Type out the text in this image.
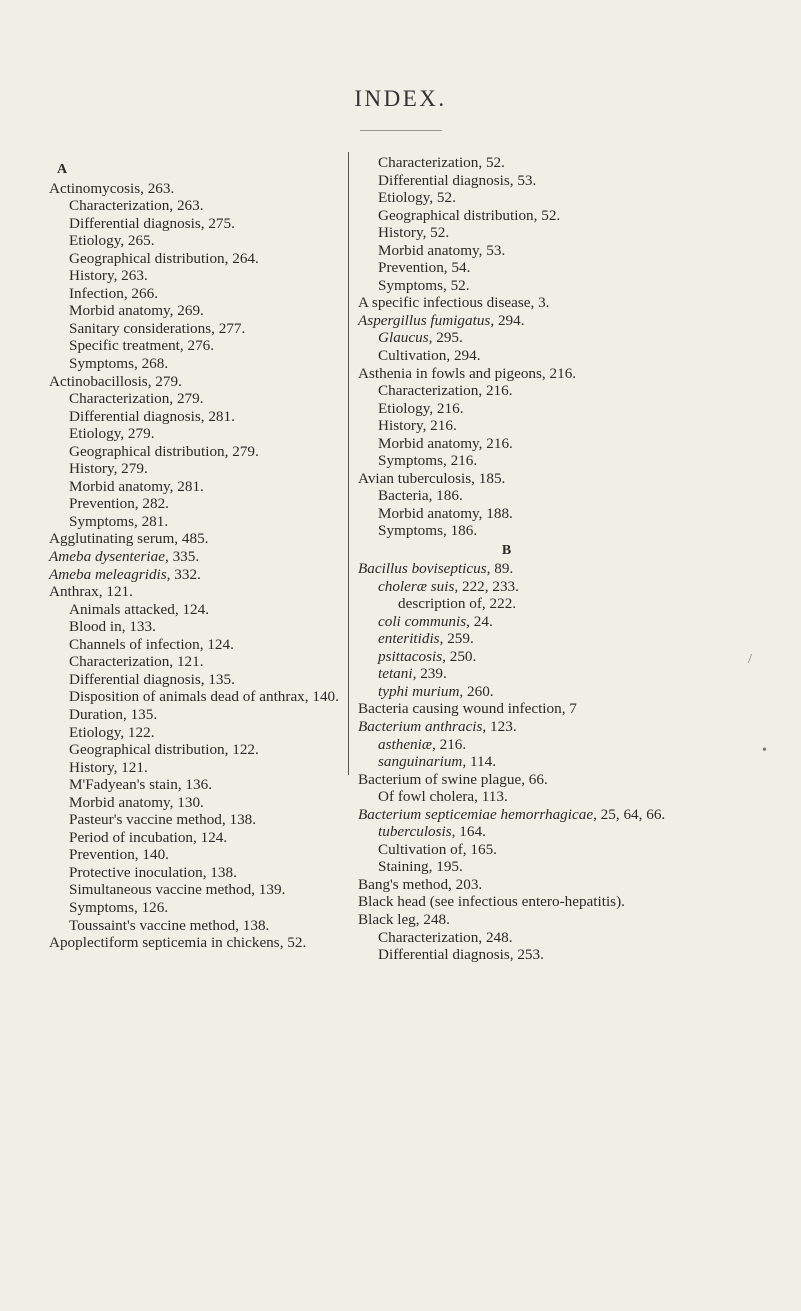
INDEX.
A
Actinomycosis, 263.
Characterization, 263.
Differential diagnosis, 275.
Etiology, 265.
Geographical distribution, 264.
History, 263.
Infection, 266.
Morbid anatomy, 269.
Sanitary considerations, 277.
Specific treatment, 276.
Symptoms, 268.
Actinobacillosis, 279.
Characterization, 279.
Differential diagnosis, 281.
Etiology, 279.
Geographical distribution, 279.
History, 279.
Morbid anatomy, 281.
Prevention, 282.
Symptoms, 281.
Agglutinating serum, 485.
Ameba dysenteriae, 335.
Ameba meleagridis, 332.
Anthrax, 121.
Animals attacked, 124.
Blood in, 133.
Channels of infection, 124.
Characterization, 121.
Differential diagnosis, 135.
Disposition of animals dead of anthrax, 140.
Duration, 135.
Etiology, 122.
Geographical distribution, 122.
History, 121.
M'Fadyean's stain, 136.
Morbid anatomy, 130.
Pasteur's vaccine method, 138.
Period of incubation, 124.
Prevention, 140.
Protective inoculation, 138.
Simultaneous vaccine method, 139.
Symptoms, 126.
Toussaint's vaccine method, 138.
Apoplectiform septicemia in chickens, 52.
Characterization, 52.
Differential diagnosis, 53.
Etiology, 52.
Geographical distribution, 52.
History, 52.
Morbid anatomy, 53.
Prevention, 54.
Symptoms, 52.
A specific infectious disease, 3.
Aspergillus fumigatus, 294.
Glaucus, 295.
Cultivation, 294.
Asthenia in fowls and pigeons, 216.
Characterization, 216.
Etiology, 216.
History, 216.
Morbid anatomy, 216.
Symptoms, 216.
Avian tuberculosis, 185.
Bacteria, 186.
Morbid anatomy, 188.
Symptoms, 186.
B
Bacillus bovisepticus, 89.
choleræ suis, 222, 233.
description of, 222.
coli communis, 24.
enteritidis, 259.
psittacosis, 250.
tetani, 239.
typhi murium, 260.
Bacteria causing wound infection, 7
Bacterium anthracis, 123.
astheniæ, 216.
sanguinarium, 114.
Bacterium of swine plague, 66.
Of fowl cholera, 113.
Bacterium septicemiae hemorrhagicae, 25, 64, 66.
tuberculosis, 164.
Cultivation of, 165.
Staining, 195.
Bang's method, 203.
Black head (see infectious entero-hepatitis).
Black leg, 248.
Characterization, 248.
Differential diagnosis, 253.
/
•
